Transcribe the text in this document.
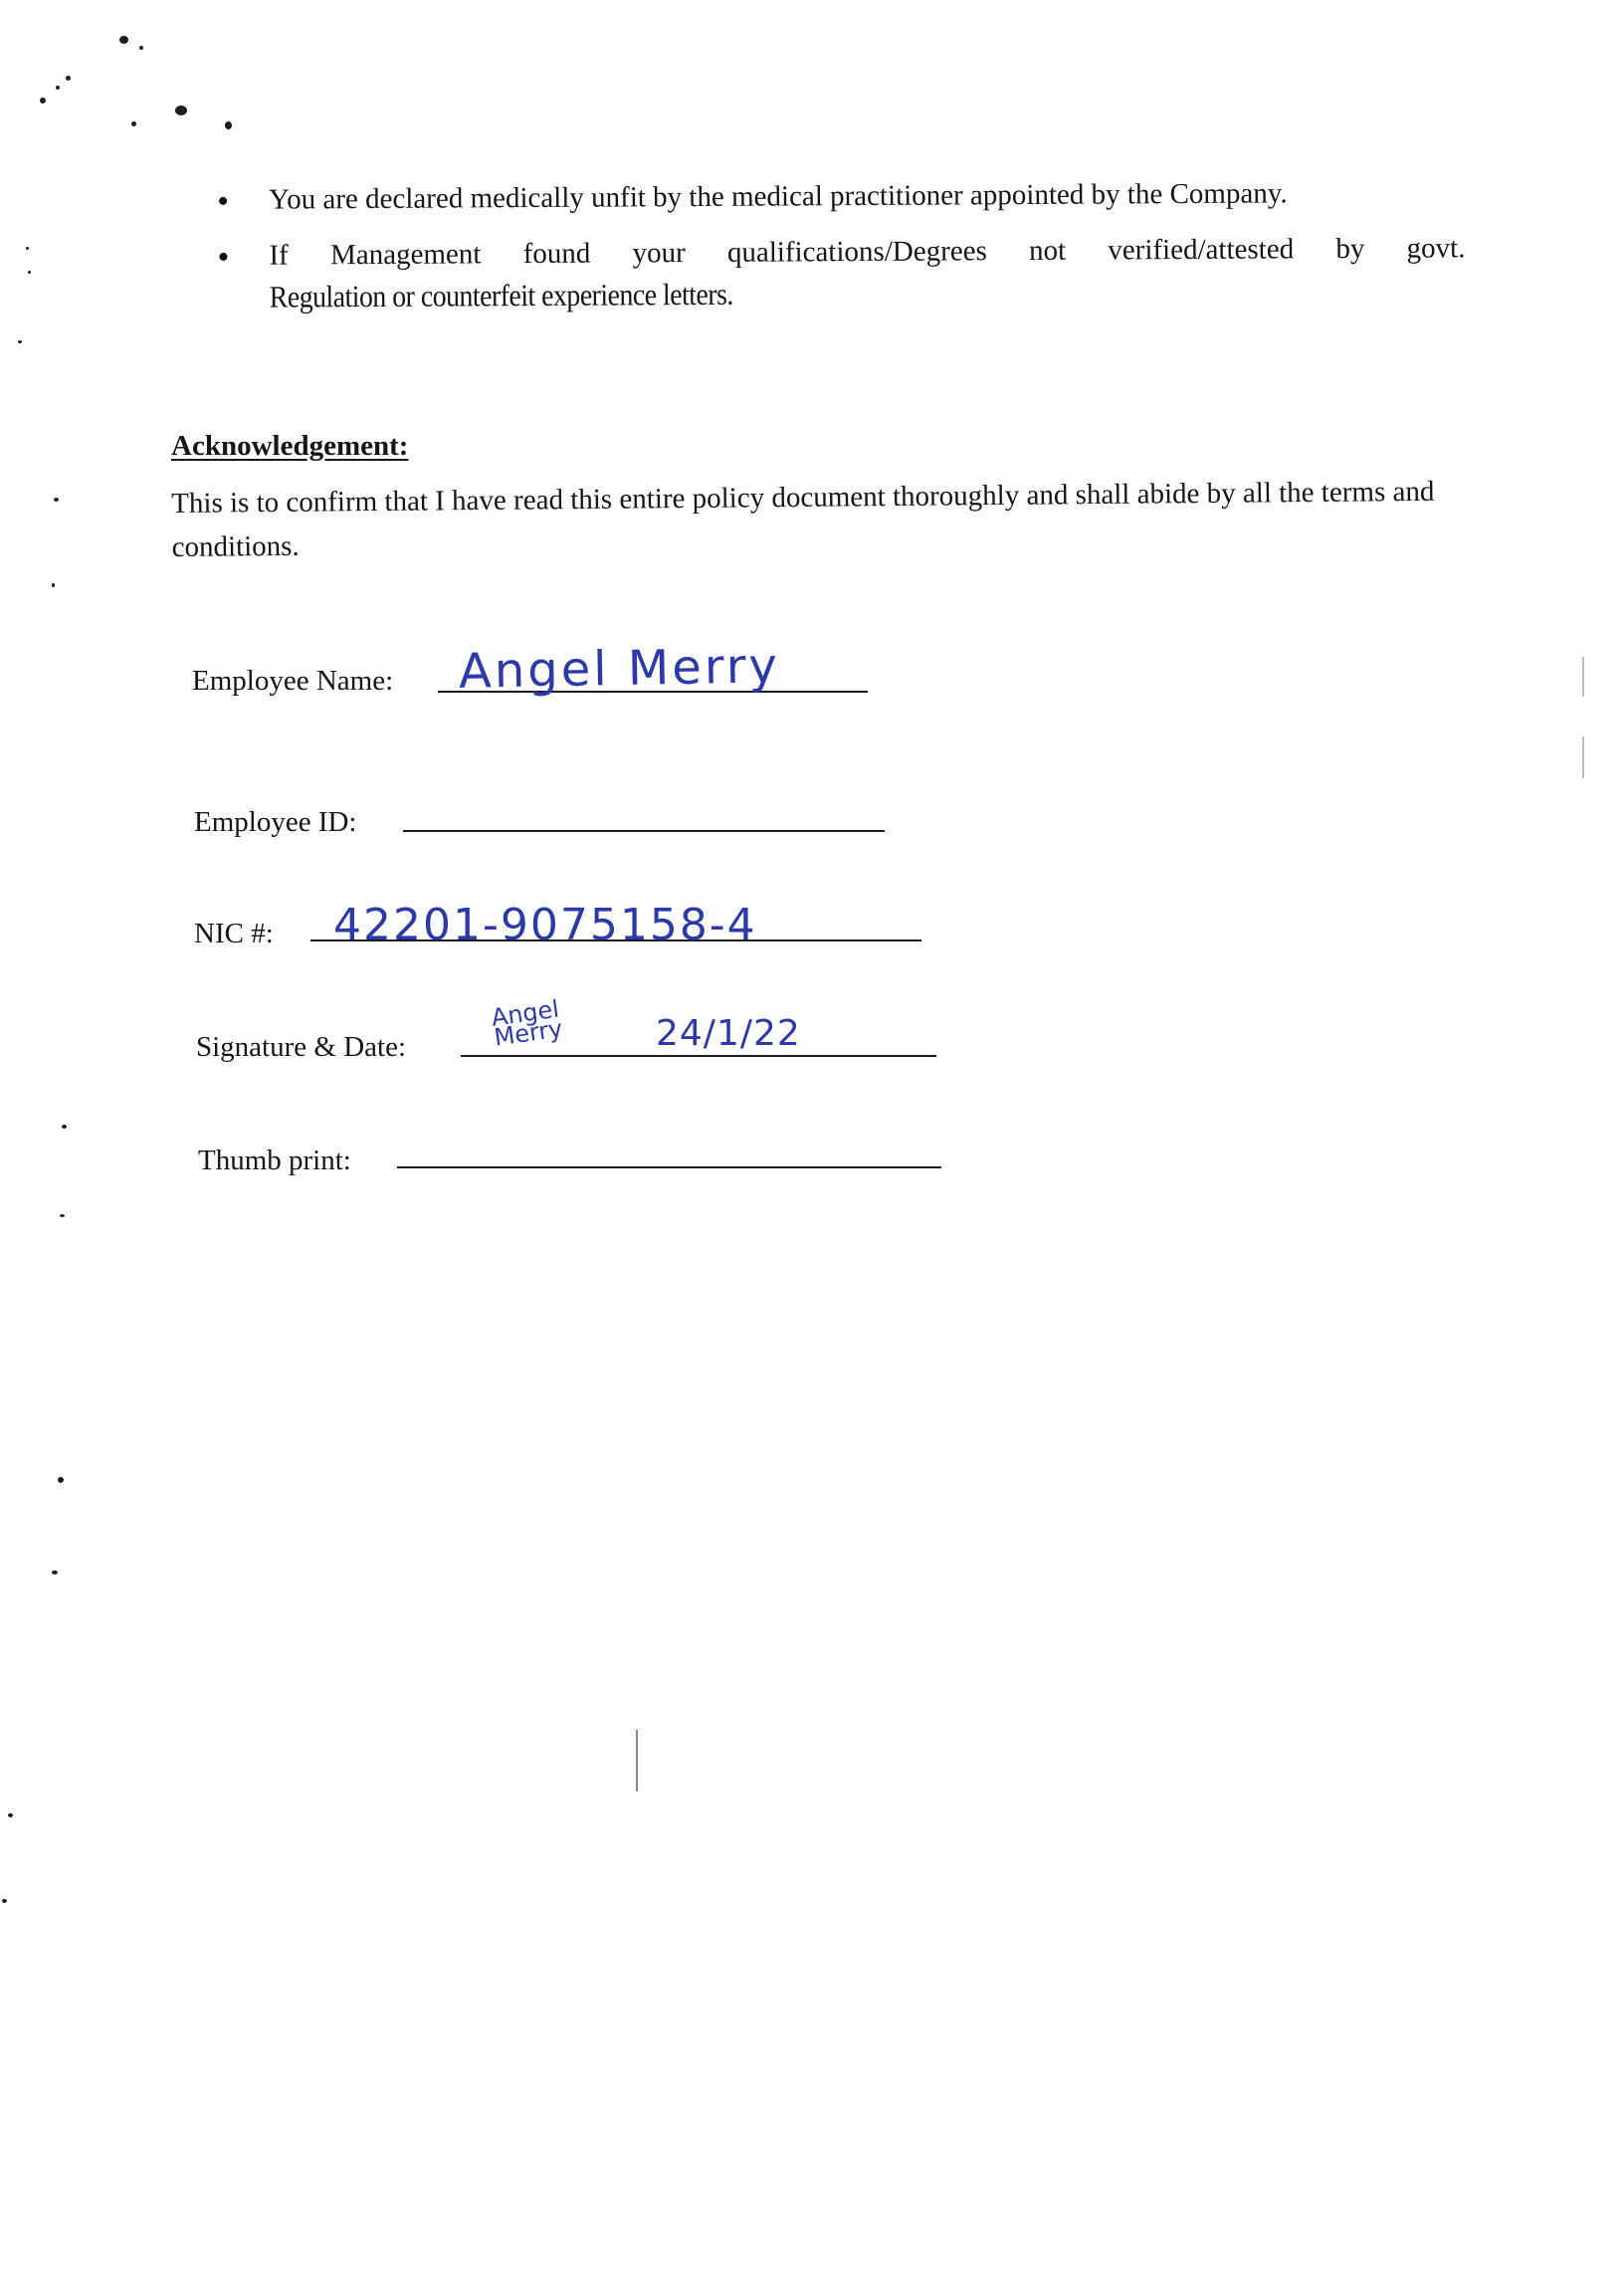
You are declared medically unfit by the medical practitioner appointed by the Company.
If Management found your qualifications/Degrees not verified/attested by govt.
Regulation or counterfeit experience letters.

Acknowledgement:

This is to confirm that I have read this entire policy document thoroughly and shall abide by all the terms and conditions.

Employee Name: Angel Merry
Employee ID:
NIC #: 42201-9075158-4
Signature & Date:
Angel Merry	24/1/22
Thumb print:
